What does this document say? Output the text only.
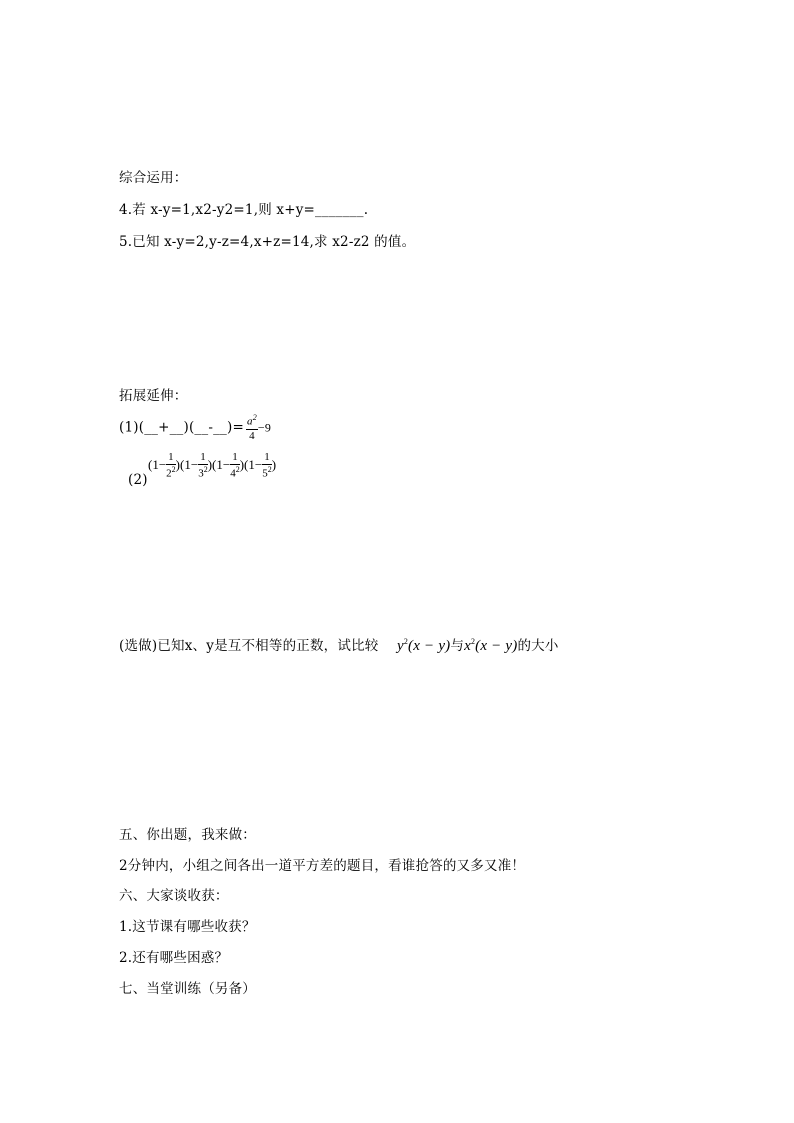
综合运用：
4.若 x-y=1,x2-y2=1,则 x+y=_______.
5.已知 x-y=2,y-z=4,x+z=14,求 x2-z2 的值。
拓展延伸：
(1)(__+__)(__-__)= $\frac{a^2}{4} -9$
(2)
$(1- \frac{1}{2^2} )(1- \frac{1}{3^2} )(1- \frac{1}{4^2} )(1- \frac{1}{5^2}$ )
(选做)已知x、y是互不相等的正数，试比较 $y^2(x - y)$与$x^2(x - y)$的大小
五、你出题，我来做：
2分钟内，小组之间各出一道平方差的题目，看谁抢答的又多又准！
六、大家谈收获：
1.这节课有哪些收获？
2.还有哪些困惑？
七、当堂训练（另备）
